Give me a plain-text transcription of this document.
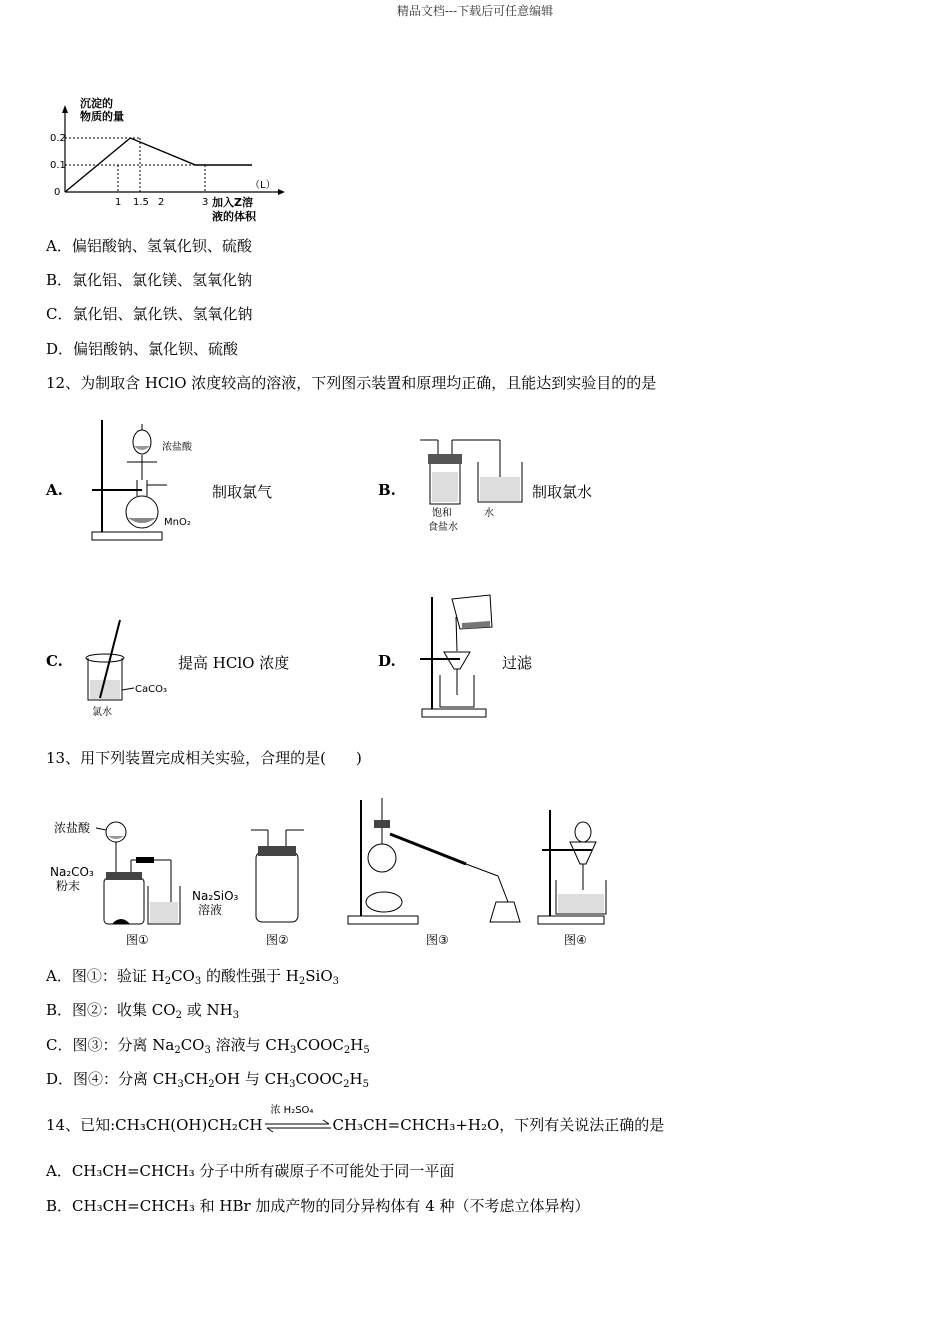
精品文档---下载后可任意编辑
沉淀的
物质的量
0.2
0.1
0
1 1.5 2	3
（L）
加入Z溶
液的体积
A．偏铝酸钠、氢氧化钡、硫酸
B．氯化铝、氯化镁、氢氧化钠
C．氯化铝、氯化铁、氢氧化钠
D．偏铝酸钠、氯化钡、硫酸
12、为制取含 HClO 浓度较高的溶液，下列图示装置和原理均正确，且能达到实验目的的是
A.
浓盐酸
MnO₂
制取氯气	B.
饱和
食盐水
水
制取氯水
C.
CaCO₃
氯水
提高 HClO 浓度	D.	过滤
13、用下列装置完成相关实验，合理的是(　　)
浓盐酸
Na₂CO₃
粉末
Na₂SiO₃
溶液
图①	图②	图③	图④
A．图①：验证 $H_2CO_3$ 的酸性强于 $H_2SiO_3$
B．图②：收集 $CO_2$ 或 $NH_3$
C．图③：分离 $Na_2CO_3$ 溶液与 $CH_3COOC_2H_5$
D．图④：分离 $CH_3CH_2OH$ 与 $CH_3COOC_2H_5$
14、已知:CH₃CH(OH)CH₂CH
浓 H₂SO₄
CH₃CH=CHCH₃+H₂O，下列有关说法正确的是
A．CH₃CH=CHCH₃ 分子中所有碳原子不可能处于同一平面
B．CH₃CH=CHCH₃ 和 HBr 加成产物的同分异构体有 4 种（不考虑立体异构）
